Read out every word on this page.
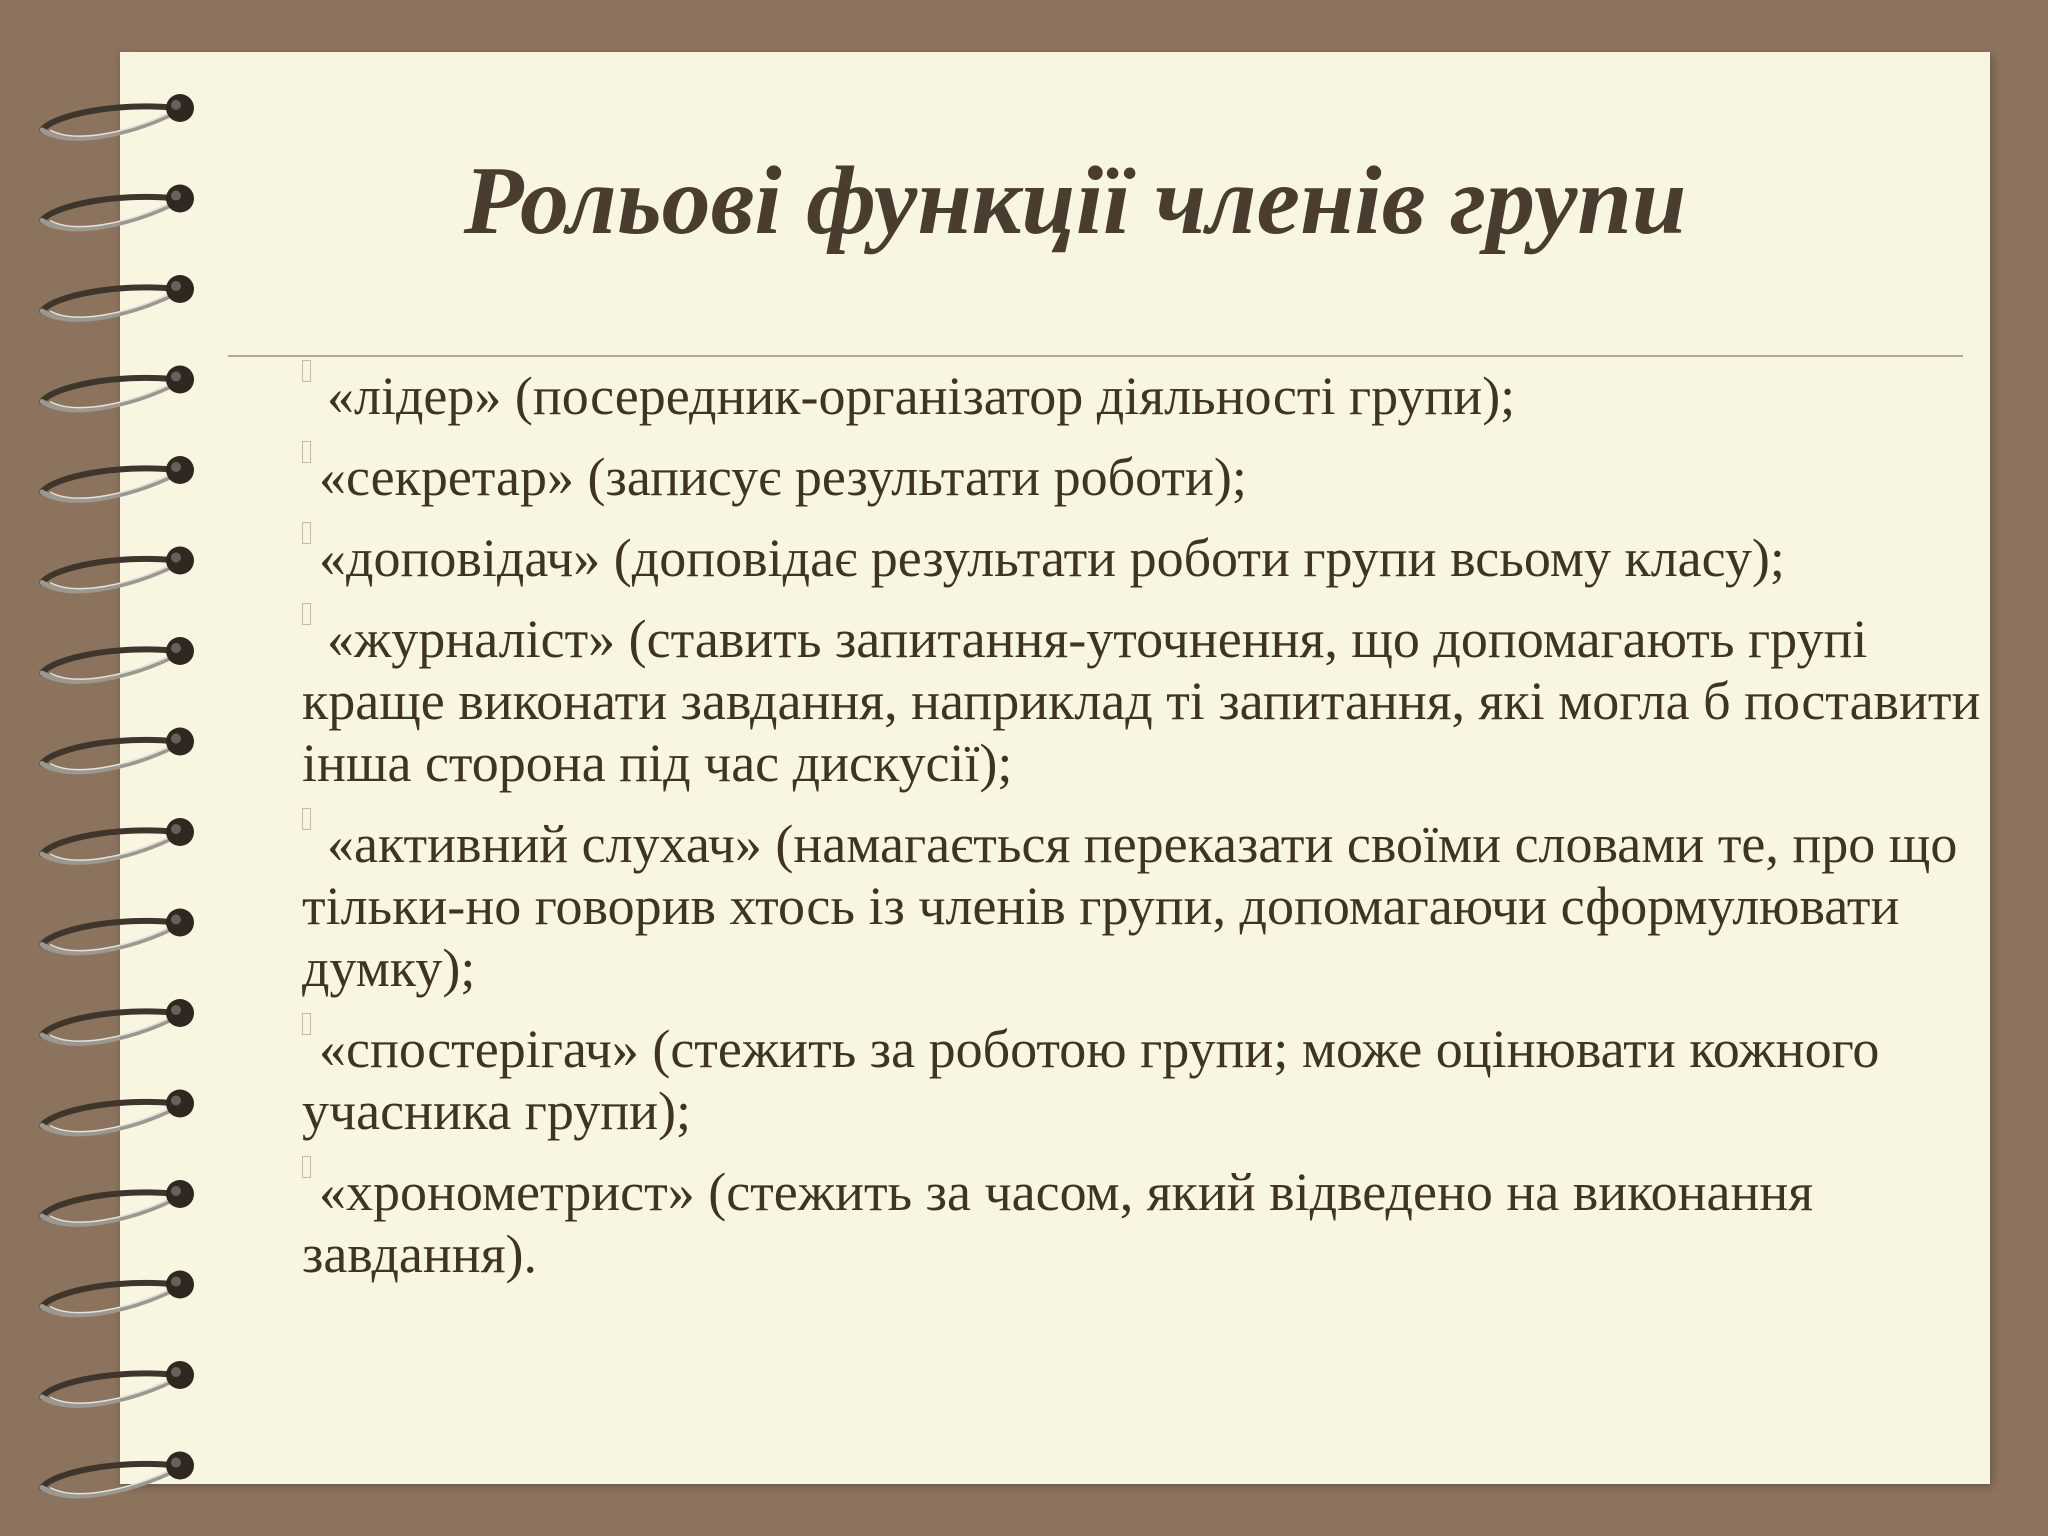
Рольові функції членів групи
«лідер» (посередник-організатор діяльності групи);
«секретар» (записує результати роботи);
«доповідач» (доповідає результати роботи групи всьому класу);
«журналіст» (ставить запитання-уточнення, що допомагають групі краще виконати завдання, наприклад ті запитання, які могла б поставити інша сторона під час дискусії);
«активний слухач» (намагається переказати своїми словами те, про що тільки-но говорив хтось із членів групи, допомагаючи сформулювати думку);
«спостерігач» (стежить за роботою групи; може оцінювати кожного учасника групи);
«хронометрист» (стежить за часом, який відведено на виконання завдання).
